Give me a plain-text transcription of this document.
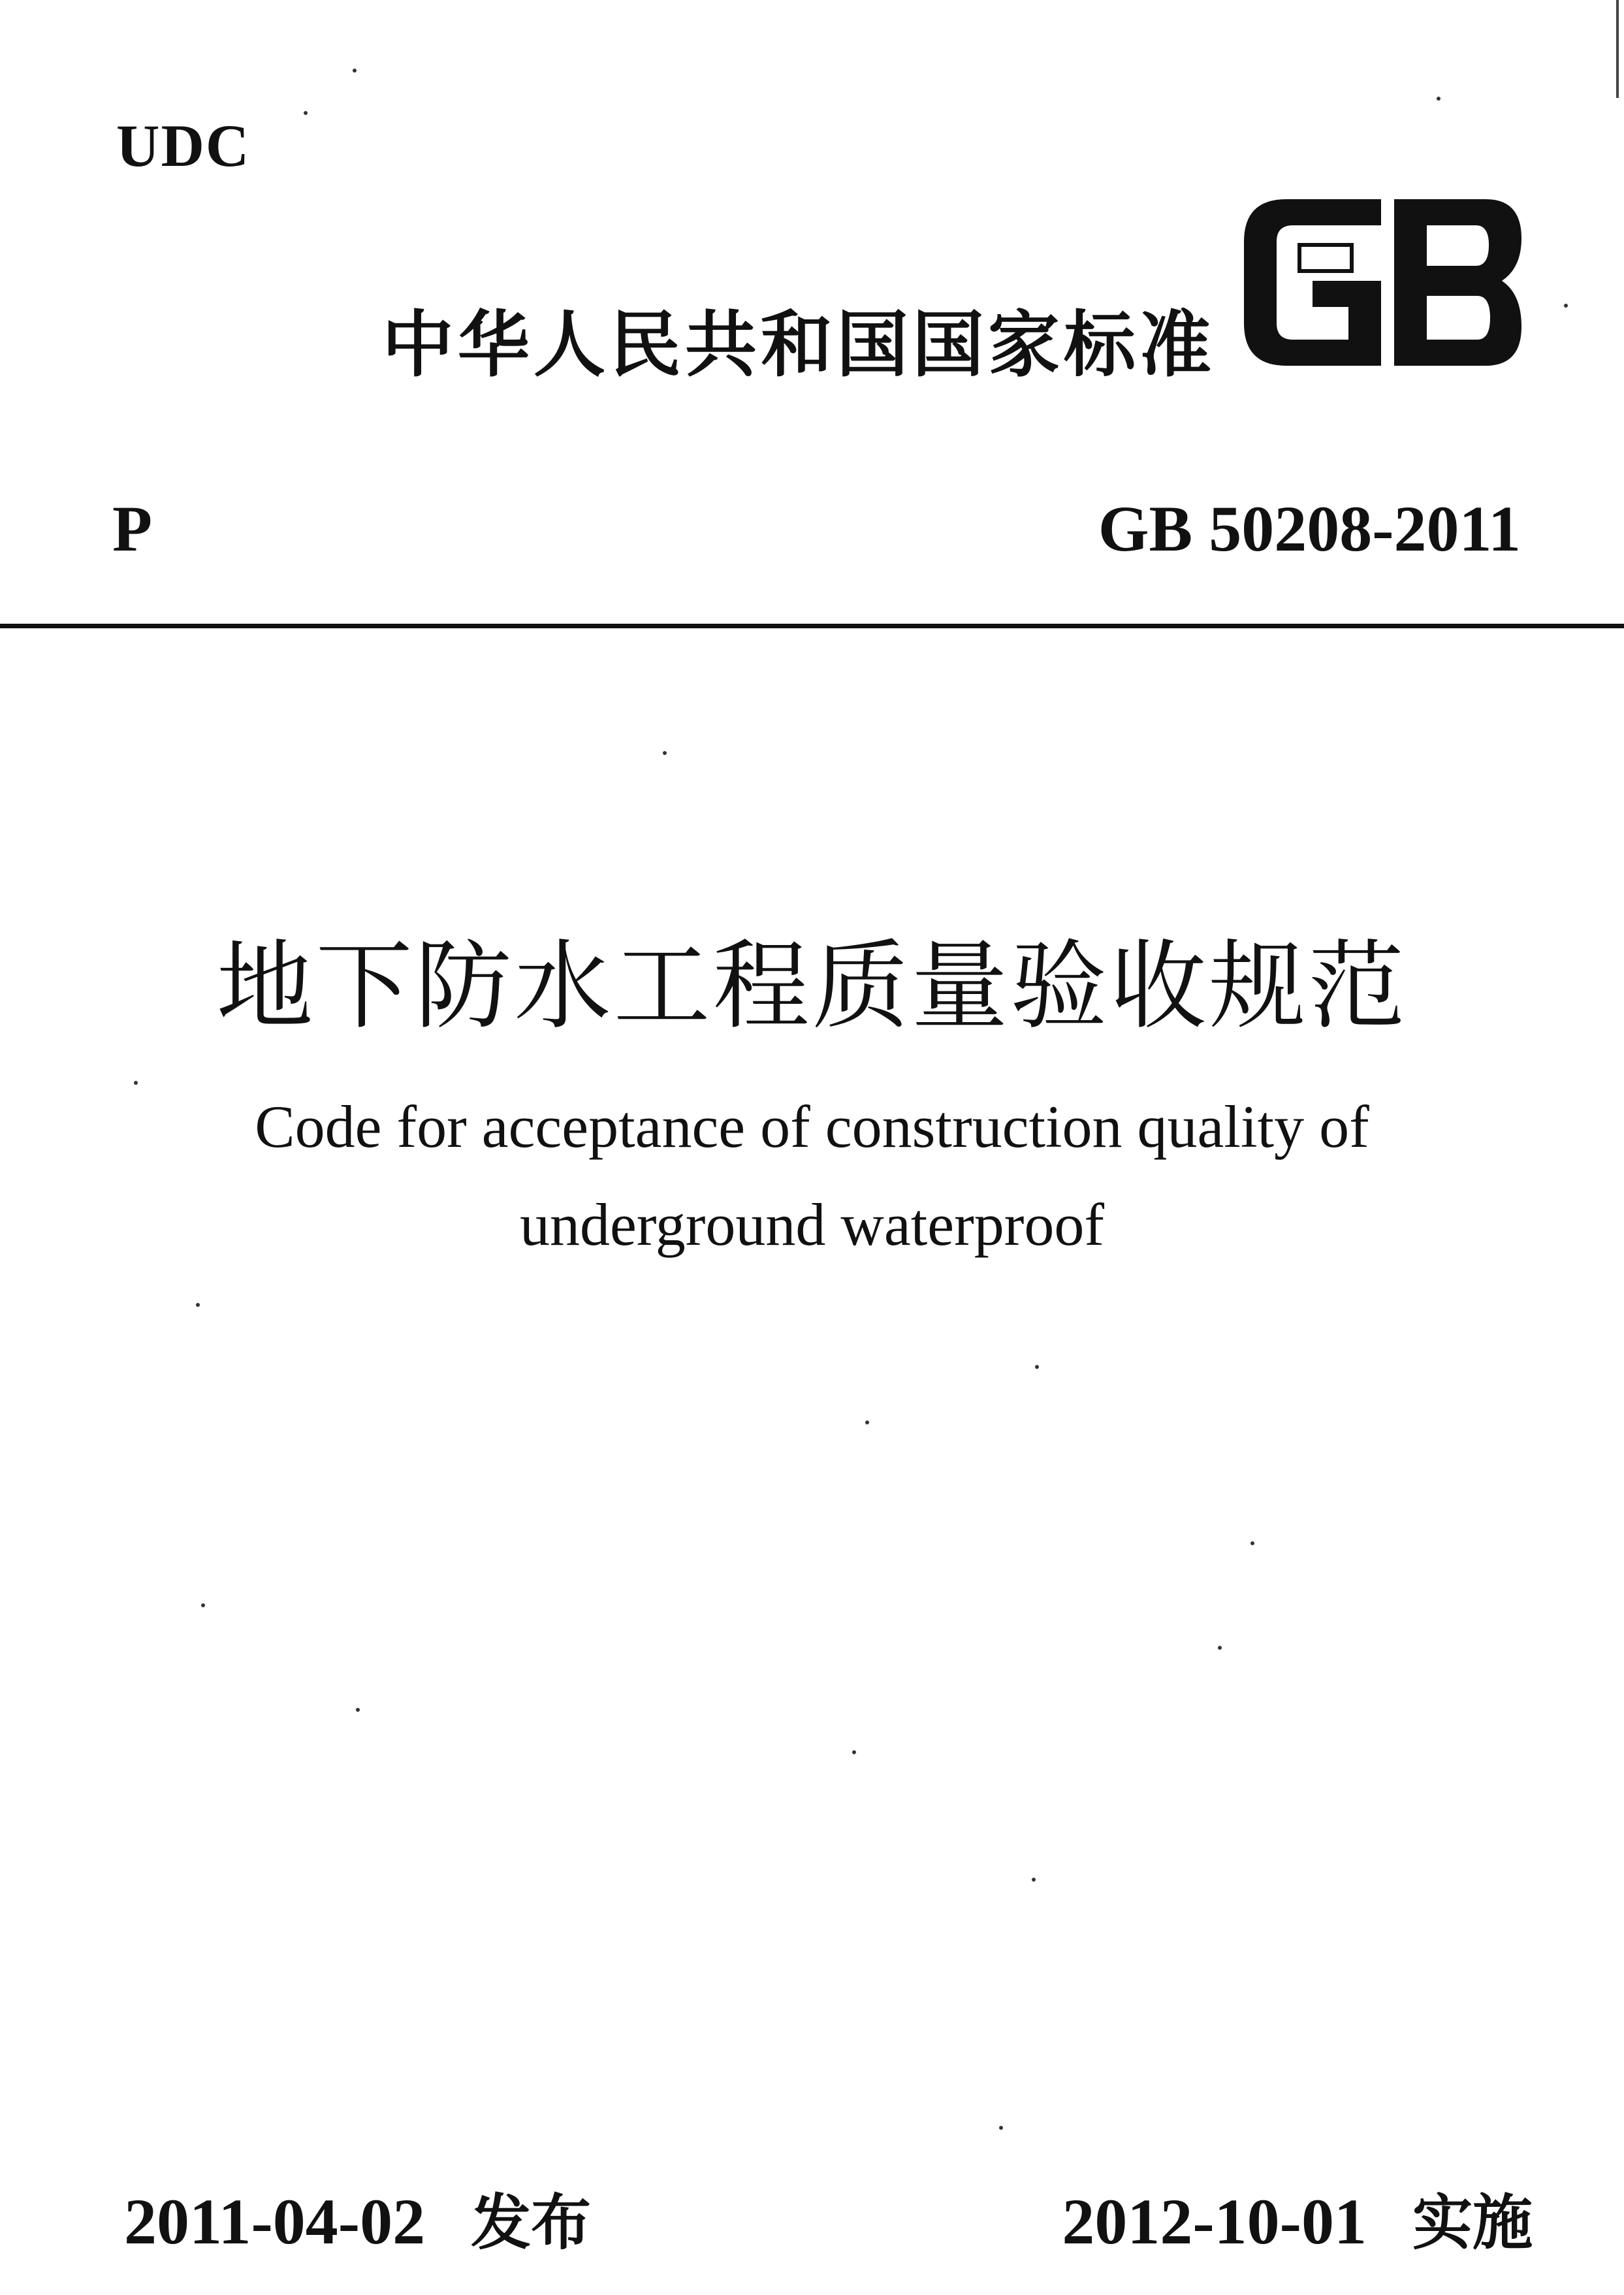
UDC
中华人民共和国国家标准
P	GB 50208-2011
地下防水工程质量验收规范
Code for acceptance of construction quality of
underground waterproof
2011-04-02 发布	2012-10-01 实施
